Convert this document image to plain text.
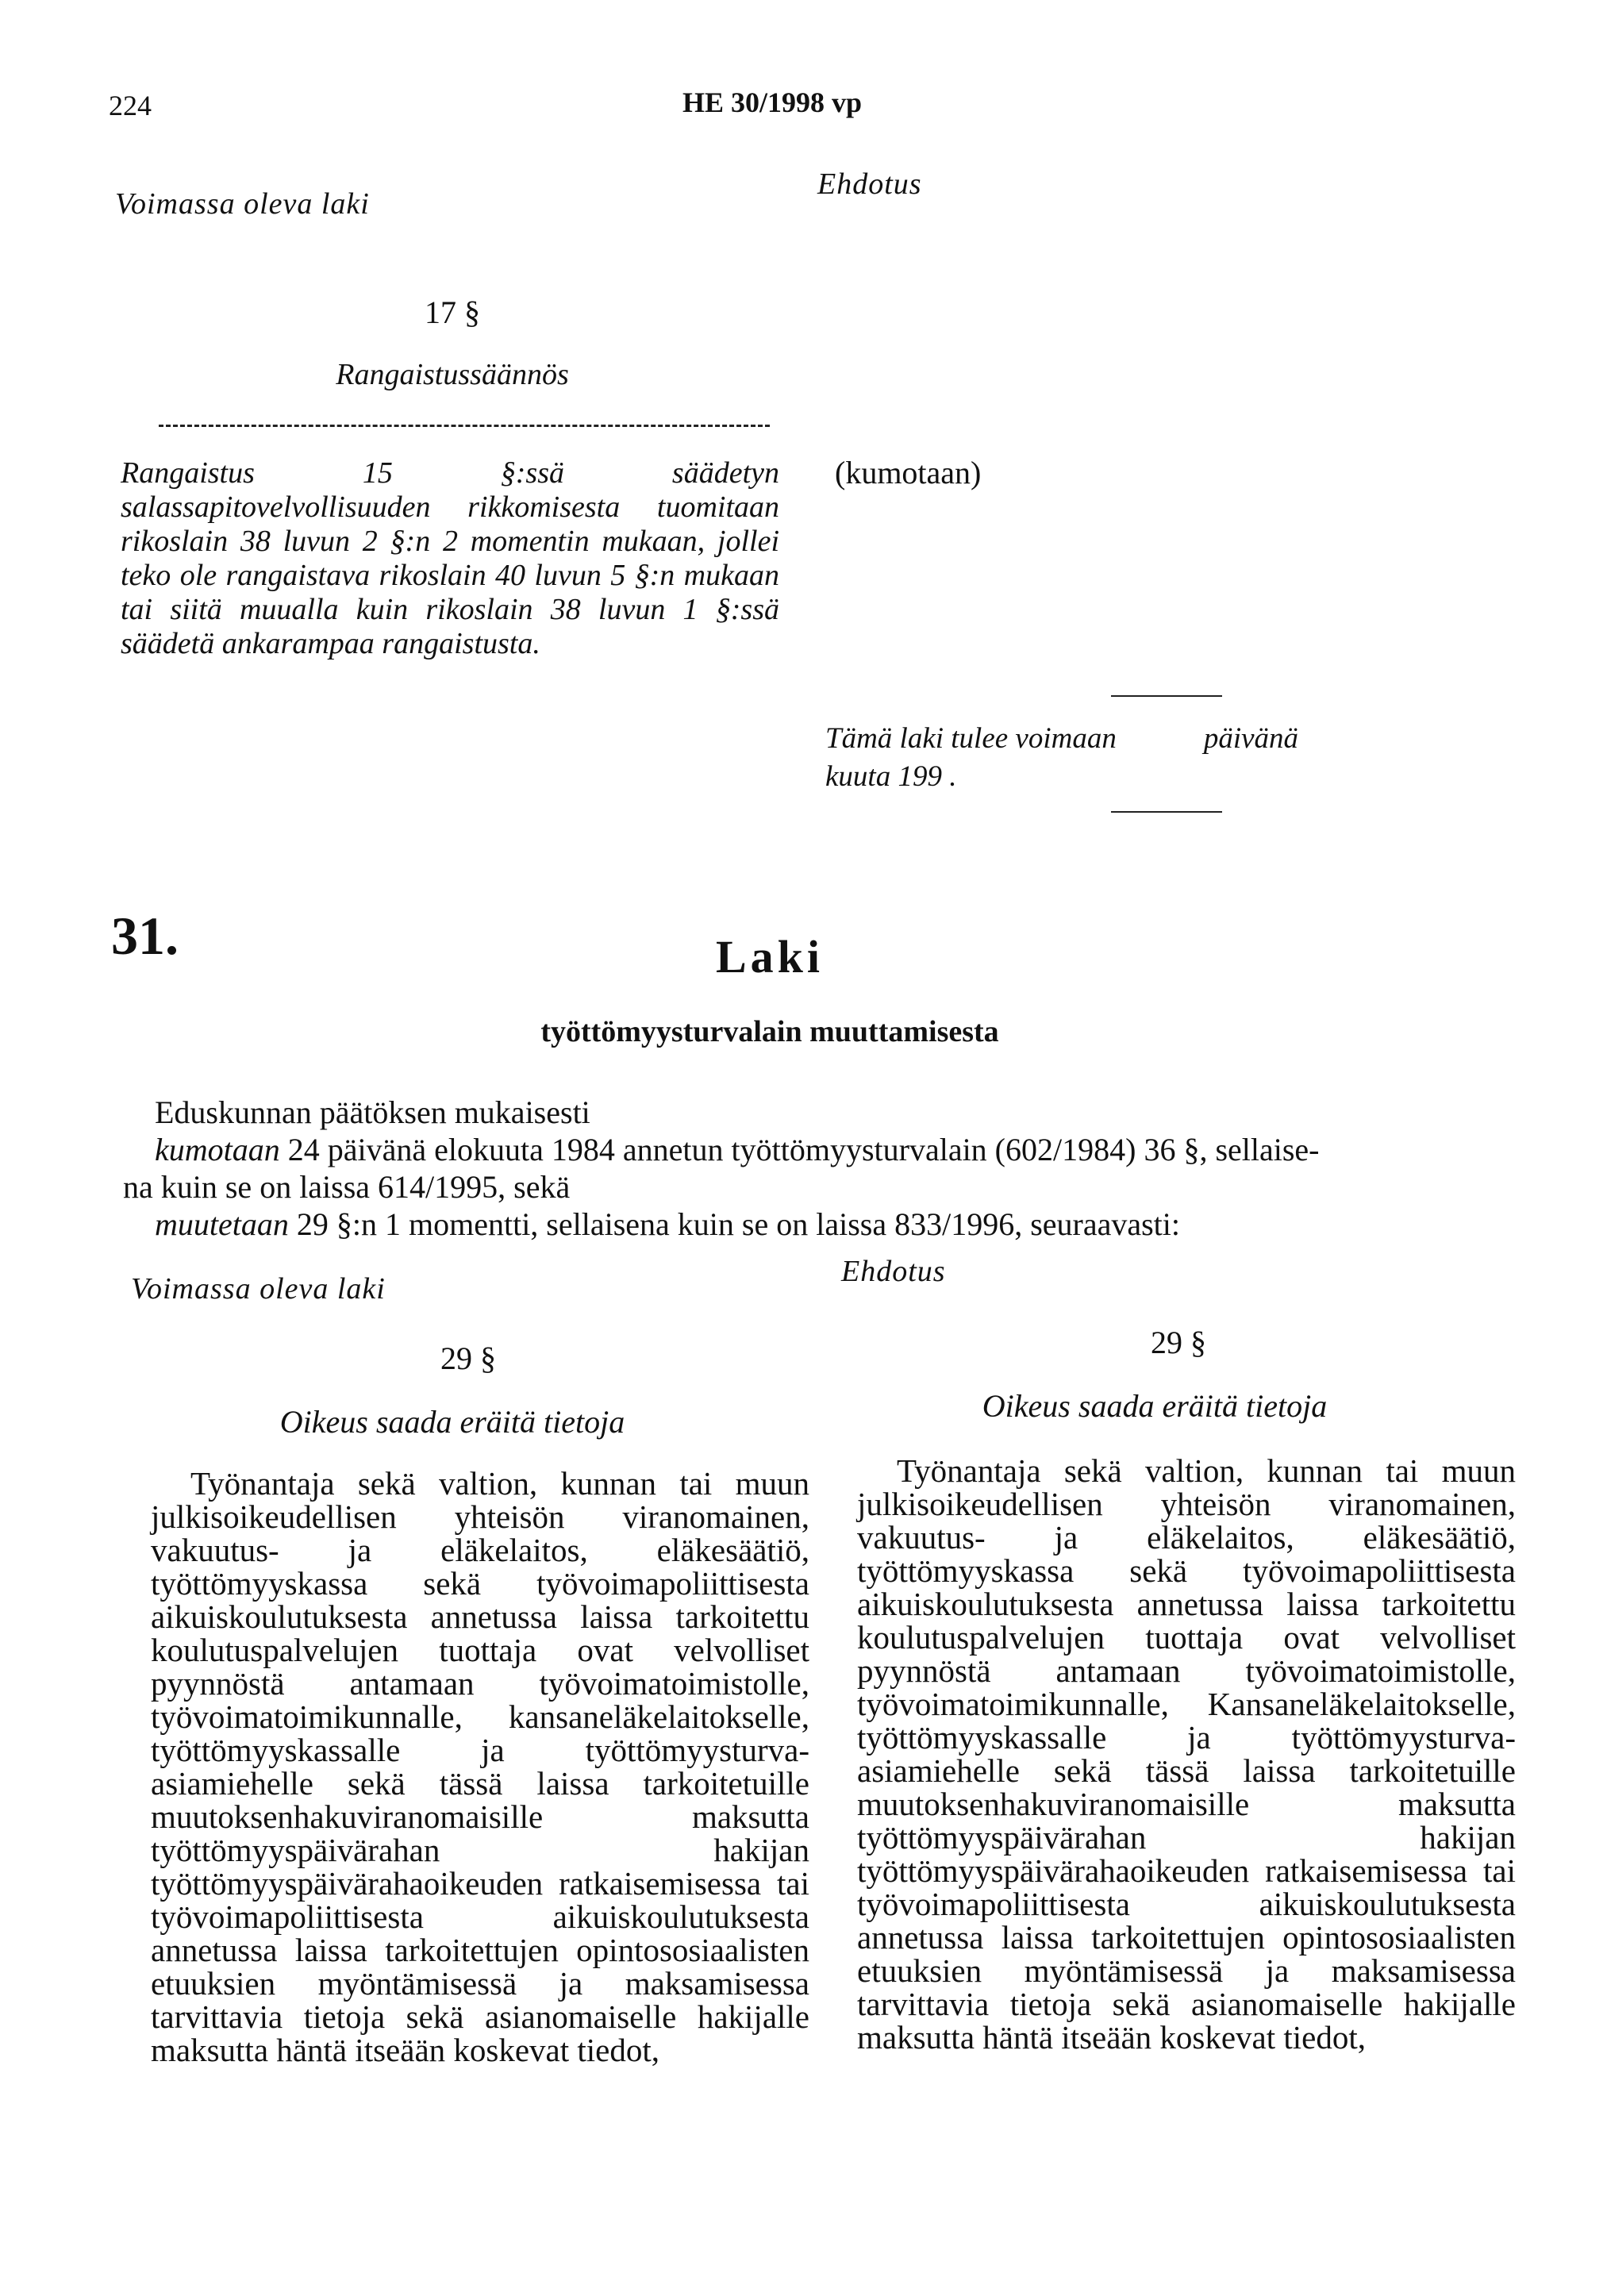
224	HE 30/1998 vp
Voimassa oleva laki
Ehdotus
17 §
Rangaistussäännös
Rangaistus 15 §:ssä säädetyn salassapitovelvollisuuden rikkomisesta tuomitaan rikoslain 38 luvun 2 §:n 2 momentin mukaan, jollei teko ole rangaistava rikoslain 40 luvun 5 §:n mukaan tai siitä muualla kuin rikoslain 38 luvun 1 §:ssä säädetä ankarampaa rangaistusta.
(kumotaan)
Tämä laki tulee voimaan	päivänä
kuuta 199 .
31.	Laki
työttömyysturvalain muuttamisesta

Eduskunnan päätöksen mukaisesti

kumotaan 24 päivänä elokuuta 1984 annetun työttömyysturvalain (602/1984) 36 §, sellaise-

na kuin se on laissa 614/1995, sekä

muutetaan 29 §:n 1 momentti, sellaisena kuin se on laissa 833/1996, seuraavasti:

Voimassa oleva laki
Ehdotus
29 §
Oikeus saada eräitä tietoja

Työnantaja sekä valtion, kunnan tai muun julkisoikeudellisen yhteisön viranomainen, vakuutus- ja eläkelaitos, eläkesäätiö, työttömyyskassa sekä työvoimapoliittisesta aikuiskoulutuksesta annetussa laissa tarkoitettu koulutuspalvelujen tuottaja ovat velvolliset pyynnöstä antamaan työvoimatoimistolle, työvoimatoimikunnalle, kansaneläkelaitokselle, työttömyyskassalle ja työttömyysturva-asiamiehelle sekä tässä laissa tarkoitetuille muutoksenhakuviranomaisille maksutta työttömyyspäivärahan hakijan työttömyyspäivärahaoikeuden ratkaisemisessa tai työvoimapoliittisesta aikuiskoulutuksesta annetussa laissa tarkoitettujen opintososiaalisten etuuksien myöntämisessä ja maksamisessa tarvittavia tietoja sekä asianomaiselle hakijalle maksutta häntä itseään koskevat tiedot,

29 §
Oikeus saada eräitä tietoja

Työnantaja sekä valtion, kunnan tai muun julkisoikeudellisen yhteisön viranomainen, vakuutus- ja eläkelaitos, eläkesäätiö, työttömyyskassa sekä työvoimapoliittisesta aikuiskoulutuksesta annetussa laissa tarkoitettu koulutuspalvelujen tuottaja ovat velvolliset pyynnöstä antamaan työvoimatoimistolle, työvoimatoimikunnalle, Kansaneläkelaitokselle, työttömyyskassalle ja työttömyysturva-asiamiehelle sekä tässä laissa tarkoitetuille muutoksenhakuviranomaisille maksutta työttömyyspäivärahan hakijan työttömyyspäivärahaoikeuden ratkaisemisessa tai työvoimapoliittisesta aikuiskoulutuksesta annetussa laissa tarkoitettujen opintososiaalisten etuuksien myöntämisessä ja maksamisessa tarvittavia tietoja sekä asianomaiselle hakijalle maksutta häntä itseään koskevat tiedot,
